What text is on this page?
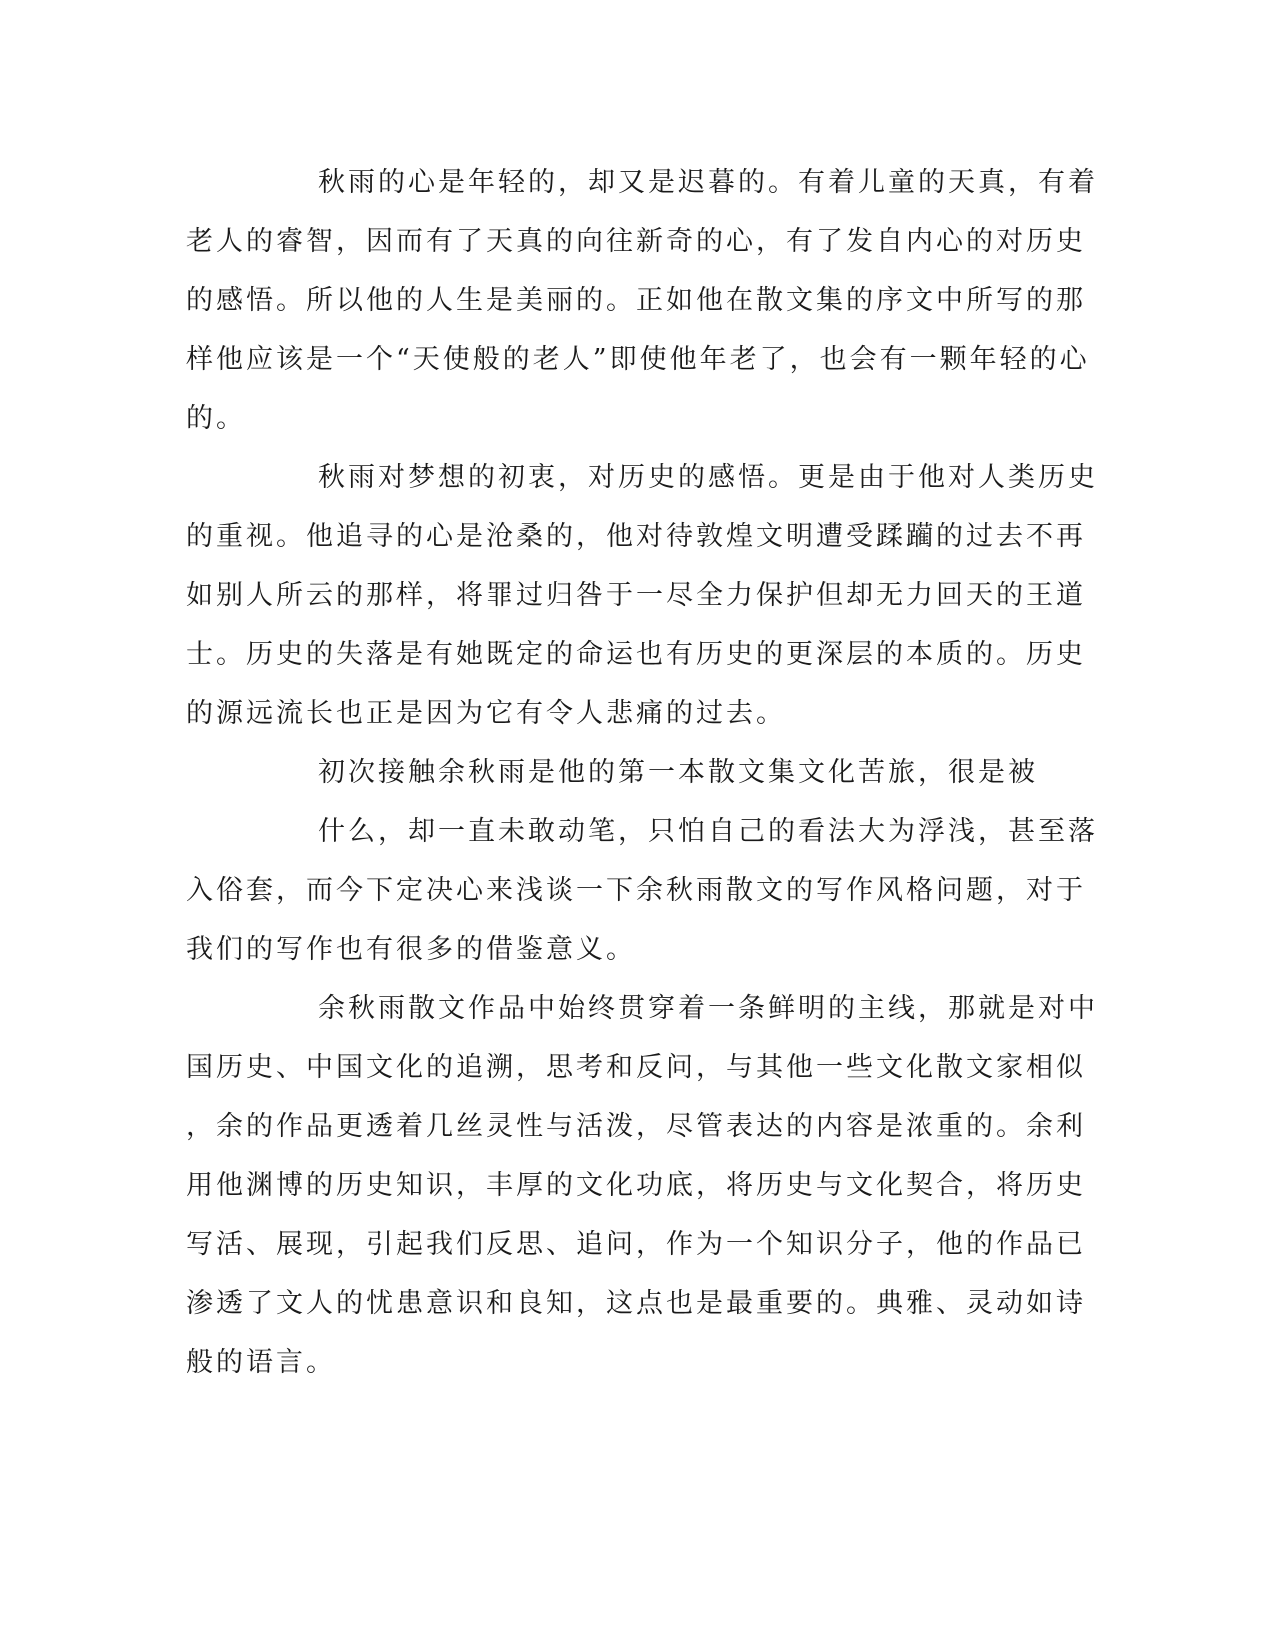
秋雨的心是年轻的，却又是迟暮的。有着儿童的天真，有着

老人的睿智，因而有了天真的向往新奇的心，有了发自内心的对历史

的感悟。所以他的人生是美丽的。正如他在散文集的序文中所写的那

样他应该是一个“天使般的老人”即使他年老了，也会有一颗年轻的心

的。

秋雨对梦想的初衷，对历史的感悟。更是由于他对人类历史

的重视。他追寻的心是沧桑的，他对待敦煌文明遭受蹂躏的过去不再

如别人所云的那样，将罪过归咎于一尽全力保护但却无力回天的王道

士。历史的失落是有她既定的命运也有历史的更深层的本质的。历史

的源远流长也正是因为它有令人悲痛的过去。

初次接触余秋雨是他的第一本散文集文化苦旅，很是被

什么，却一直未敢动笔，只怕自己的看法大为浮浅，甚至落

入俗套，而今下定决心来浅谈一下余秋雨散文的写作风格问题，对于

我们的写作也有很多的借鉴意义。

余秋雨散文作品中始终贯穿着一条鲜明的主线，那就是对中

国历史、中国文化的追溯，思考和反问，与其他一些文化散文家相似

，余的作品更透着几丝灵性与活泼，尽管表达的内容是浓重的。余利

用他渊博的历史知识，丰厚的文化功底，将历史与文化契合，将历史

写活、展现，引起我们反思、追问，作为一个知识分子，他的作品已

渗透了文人的忧患意识和良知，这点也是最重要的。典雅、灵动如诗

般的语言。
